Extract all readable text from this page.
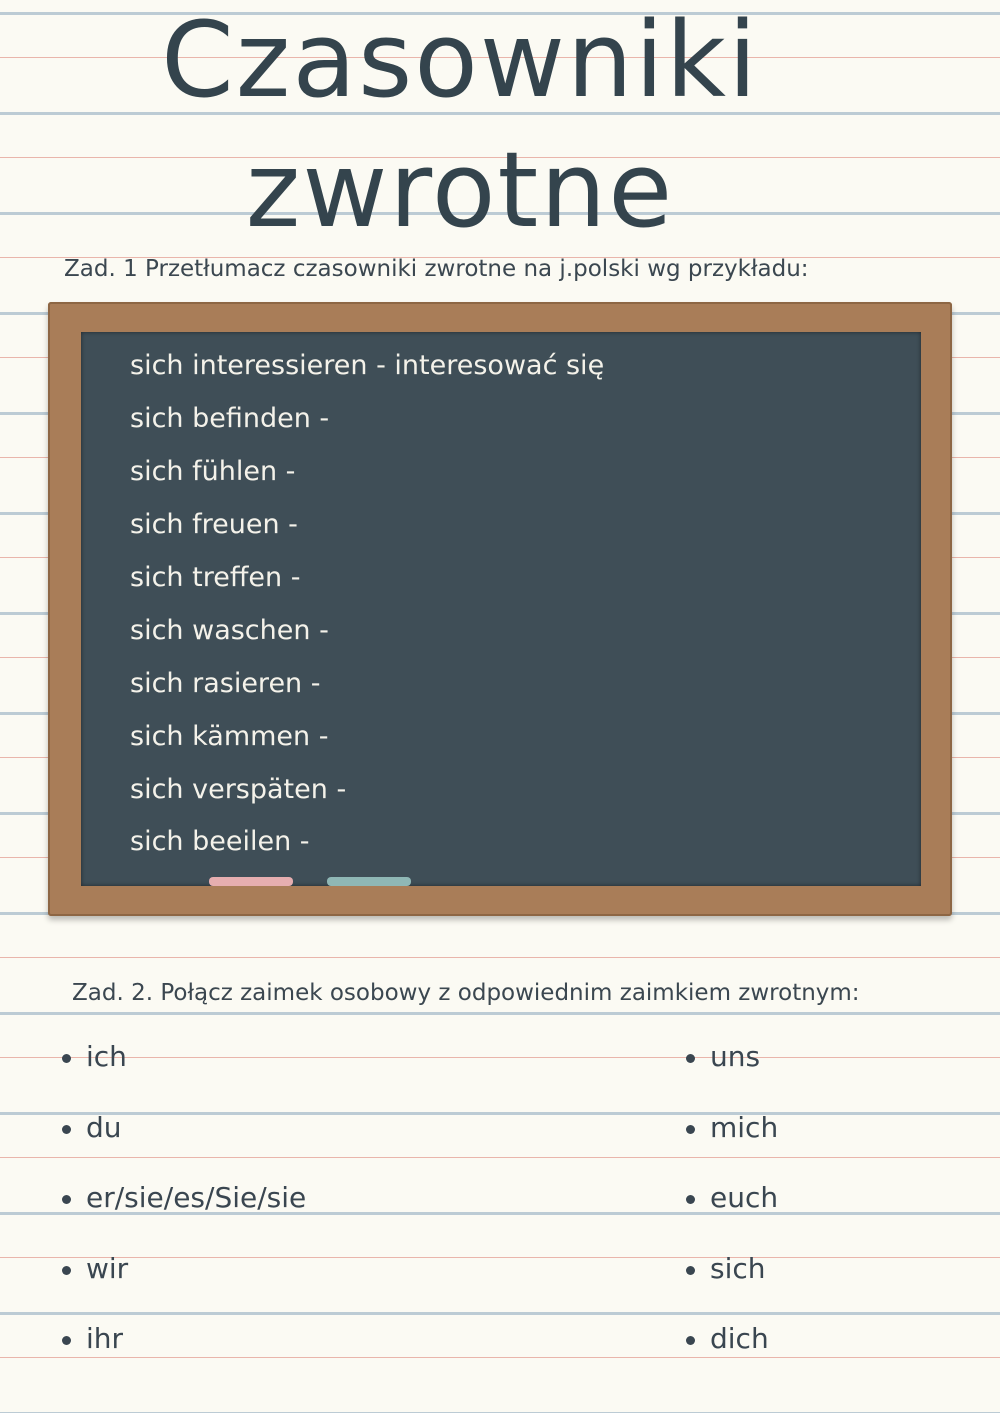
Czasowniki
zwrotne
Zad. 1 Przetłumacz czasowniki zwrotne na j.polski wg przykładu:
sich interessieren - interesować się
sich befinden -
sich fühlen -
sich freuen -
sich treffen -
sich waschen -
sich rasieren -
sich kämmen -
sich verspäten -
sich beeilen -
Zad. 2. Połącz zaimek osobowy z odpowiednim zaimkiem zwrotnym:
ich
du
er/sie/es/Sie/sie
wir
ihr
uns
mich
euch
sich
dich
